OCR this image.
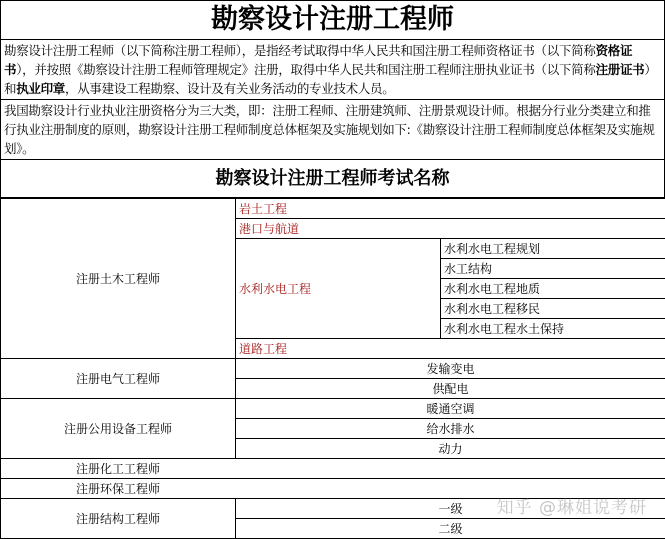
勘察设计注册工程师
勘察设计注册工程师（以下简称注册工程师），是指经考试取得中华人民共和国注册工程师资格证书（以下简称资格证书），并按照《勘察设计注册工程师管理规定》注册，取得中华人民共和国注册工程师注册执业证书（以下简称注册证书）和执业印章，从事建设工程勘察、设计及有关业务活动的专业技术人员。
我国勘察设计行业执业注册资格分为三大类，即：注册工程师、注册建筑师、注册景观设计师。根据分行业分类建立和推行执业注册制度的原则，勘察设计注册工程师制度总体框架及实施规划如下:《勘察设计注册工程师制度总体框架及实施规划》。
勘察设计注册工程师考试名称
注册土木工程师	岩土工程	
	港口与航道	
	水利水电工程	水利水电工程规划
		水工结构
		水利水电工程地质
		水利水电工程移民
		水利水电工程水土保持
	道路工程	
注册电气工程师	发输变电	
	供配电	
注册公用设备工程师	暖通空调	
	给水排水	
	动力	
注册化工工程师		
注册环保工程师		
注册结构工程师	一级	
	二级	
知乎 @琳姐说考研
